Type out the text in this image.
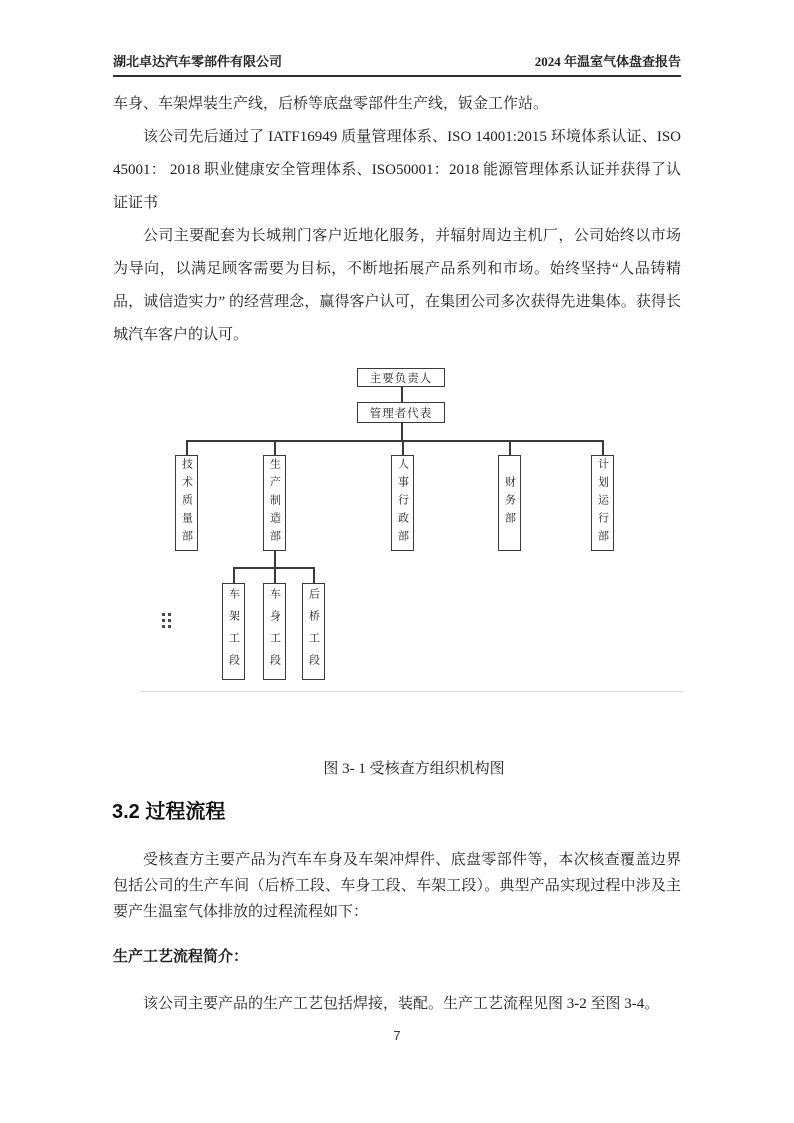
湖北卓达汽车零部件有限公司	2024 年温室气体盘查报告

车身、车架焊装生产线，后桥等底盘零部件生产线，钣金工作站。

该公司先后通过了 IATF16949 质量管理体系、ISO 14001:2015 环境体系认证、ISO 45001： 2018 职业健康安全管理体系、ISO50001：2018 能源管理体系认证并获得了认证证书

公司主要配套为长城荆门客户近地化服务，并辐射周边主机厂，公司始终以市场为导向，以满足顾客需要为目标，不断地拓展产品系列和市场。始终坚持“人品铸精品，诚信造实力” 的经营理念，赢得客户认可，在集团公司多次获得先进集体。获得长城汽车客户的认可。

主要负责人
管理者代表
技术质量部	生产制造部	人事行政部	财务部	计划运行部
车架工段	车身工段 后桥工段
图 3- 1 受核查方组织机构图
3.2 过程流程

受核查方主要产品为汽车车身及车架冲焊件、底盘零部件等，本次核查覆盖边界包括公司的生产车间（后桥工段、车身工段、车架工段）。典型产品实现过程中涉及主要产生温室气体排放的过程流程如下：

生产工艺流程简介：

该公司主要产品的生产工艺包括焊接，装配。生产工艺流程见图 3-2 至图 3-4。

7
